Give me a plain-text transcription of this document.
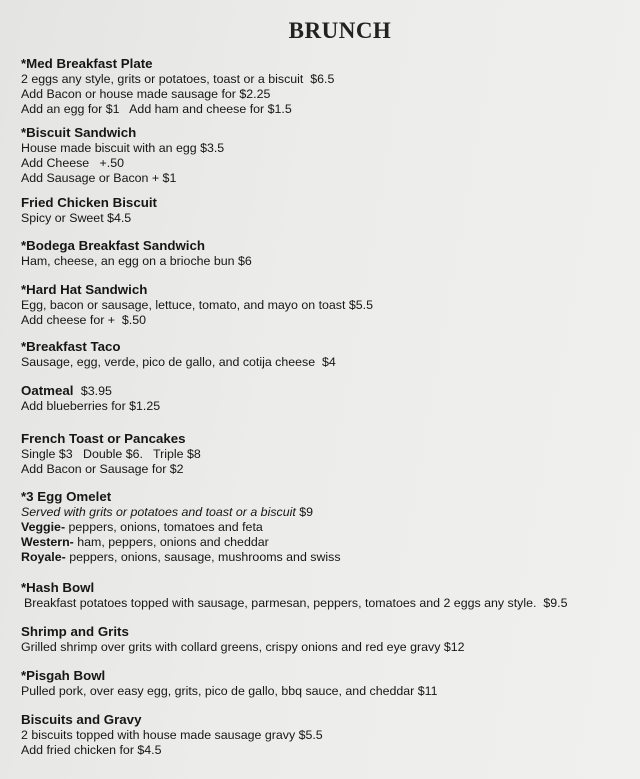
BRUNCH
*Med Breakfast Plate
2 eggs any style, grits or potatoes, toast or a biscuit  $6.5
Add Bacon or house made sausage for $2.25
Add an egg for $1   Add ham and cheese for $1.5
*Biscuit Sandwich
House made biscuit with an egg $3.5
Add Cheese   +.50
Add Sausage or Bacon + $1
Fried Chicken Biscuit
Spicy or Sweet $4.5
*Bodega Breakfast Sandwich
Ham, cheese, an egg on a brioche bun $6
*Hard Hat Sandwich
Egg, bacon or sausage, lettuce, tomato, and mayo on toast $5.5
Add cheese for +  $.50
*Breakfast Taco
Sausage, egg, verde, pico de gallo, and cotija cheese  $4
Oatmeal $3.95
Add blueberries for $1.25
French Toast or Pancakes
Single $3   Double $6.   Triple $8
Add Bacon or Sausage for $2
*3 Egg Omelet
Served with grits or potatoes and toast or a biscuit $9
Veggie- peppers, onions, tomatoes and feta
Western- ham, peppers, onions and cheddar
Royale- peppers, onions, sausage, mushrooms and swiss
*Hash Bowl
Breakfast potatoes topped with sausage, parmesan, peppers, tomatoes and 2 eggs any style.  $9.5
Shrimp and Grits
Grilled shrimp over grits with collard greens, crispy onions and red eye gravy $12
*Pisgah Bowl
Pulled pork, over easy egg, grits, pico de gallo, bbq sauce, and cheddar $11
Biscuits and Gravy
2 biscuits topped with house made sausage gravy $5.5
Add fried chicken for $4.5
